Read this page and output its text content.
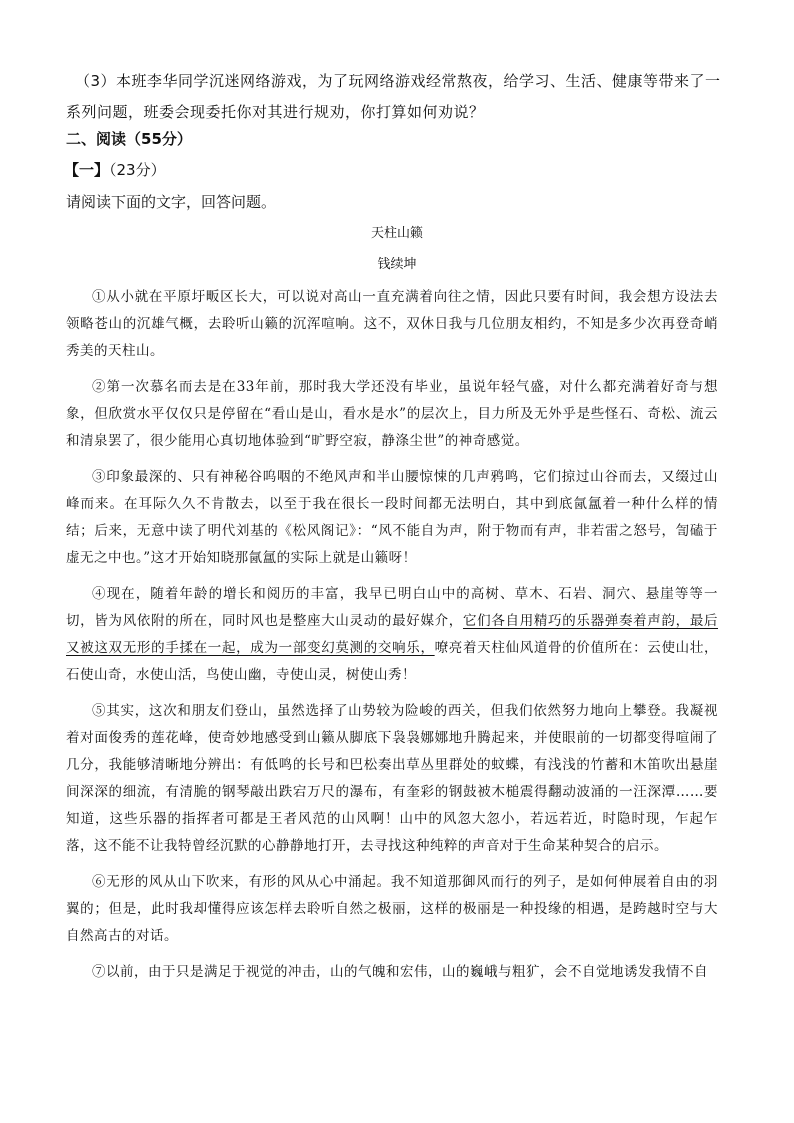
（3）本班李华同学沉迷网络游戏，为了玩网络游戏经常熬夜，给学习、生活、健康等带来了一系列问题，班委会现委托你对其进行规劝，你打算如何劝说？
二、阅读（55分）
【一】（23分）
请阅读下面的文字，回答问题。
天柱山籁
钱续坤

①从小就在平原圩畈区长大，可以说对高山一直充满着向往之情，因此只要有时间，我会想方设法去领略苍山的沉雄气概，去聆听山籁的沉浑喧响。这不，双休日我与几位朋友相约，不知是多少次再登奇峭秀美的天柱山。

②第一次慕名而去是在33年前，那时我大学还没有毕业，虽说年轻气盛，对什么都充满着好奇与想象，但欣赏水平仅仅只是停留在“看山是山，看水是水”的层次上，目力所及无外乎是些怪石、奇松、流云和清泉罢了，很少能用心真切地体验到“旷野空寂，静涤尘世”的神奇感觉。

③印象最深的、只有神秘谷呜咽的不绝风声和半山腰惊悚的几声鸦鸣，它们掠过山谷而去，又缀过山峰而来。在耳际久久不肯散去，以至于我在很长一段时间都无法明白，其中到底氤氲着一种什么样的情结；后来，无意中读了明代刘基的《松风阁记》：“风不能自为声，附于物而有声，非若雷之怒号，訇磕于虚无之中也。”这才开始知晓那氤氲的实际上就是山籁呀！

④现在，随着年龄的增长和阅历的丰富，我早已明白山中的高树、草木、石岩、洞穴、悬崖等等一切，皆为风依附的所在，同时风也是整座大山灵动的最好媒介，它们各自用精巧的乐器弹奏着声韵，最后又被这双无形的手揉在一起，成为一部变幻莫测的交响乐，嘹亮着天柱仙风道骨的价值所在：云使山壮，石使山奇，水使山活，鸟使山幽，寺使山灵，树使山秀！

⑤其实，这次和朋友们登山，虽然选择了山势较为险峻的西关，但我们依然努力地向上攀登。我凝视着对面俊秀的莲花峰，使奇妙地感受到山籁从脚底下袅袅娜娜地升腾起来，并使眼前的一切都变得喧闹了几分，我能够清晰地分辨出：有低鸣的长号和巴松奏出草丛里群处的蚊蝶，有浅浅的竹蓄和木笛吹出悬崖间深深的细流，有清脆的钢琴敲出跌宕万尺的瀑布，有奎彩的钢鼓被木槌震得翻动波涌的一汪深潭……要知道，这些乐器的指挥者可都是王者风范的山风啊！山中的风忽大忽小，若远若近，时隐时现，乍起乍落，这不能不让我特曾经沉默的心静静地打开，去寻找这种纯粹的声音对于生命某种契合的启示。

⑥无形的风从山下吹来，有形的风从心中涌起。我不知道那御风而行的列子，是如何伸展着自由的羽翼的；但是，此时我却懂得应该怎样去聆听自然之极丽，这样的极丽是一种投缘的相遇，是跨越时空与大自然高古的对话。

⑦以前，由于只是满足于视觉的冲击，山的气魄和宏伟，山的巍峨与粗犷，会不自觉地诱发我情不自
